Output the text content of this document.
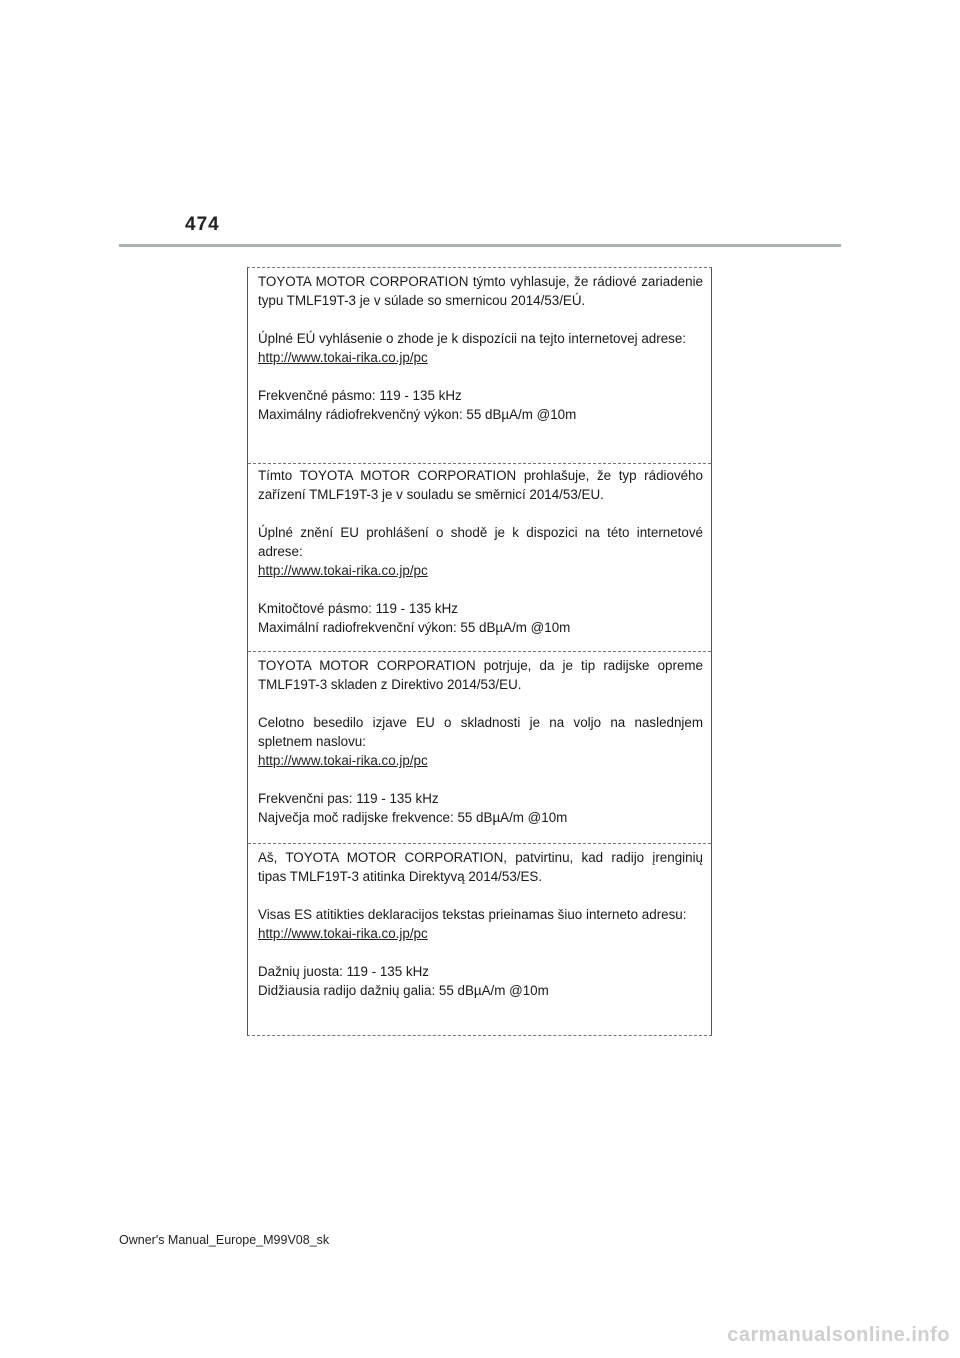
474

TOYOTA MOTOR CORPORATION týmto vyhlasuje, že rádiové zariadenie typu TMLF19T-3 je v súlade so smernicou 2014/53/EÚ.

Úplné EÚ vyhlásenie o zhode je k dispozícii na tejto internetovej adrese:

http://www.tokai-rika.co.jp/pc

Frekvenčné pásmo: 119 - 135 kHz

Maximálny rádiofrekvenčný výkon: 55 dBµA/m @10m

Tímto TOYOTA MOTOR CORPORATION prohlašuje, že typ rádiového zařízení TMLF19T-3 je v souladu se směrnicí 2014/53/EU.

Úplné znění EU prohlášení o shodě je k dispozici na této internetové adrese:

http://www.tokai-rika.co.jp/pc

Kmitočtové pásmo: 119 - 135 kHz

Maximální radiofrekvenční výkon: 55 dBµA/m @10m

TOYOTA MOTOR CORPORATION potrjuje, da je tip radijske opreme TMLF19T-3 skladen z Direktivo 2014/53/EU.

Celotno besedilo izjave EU o skladnosti je na voljo na naslednjem spletnem naslovu:

http://www.tokai-rika.co.jp/pc

Frekvenčni pas: 119 - 135 kHz

Največja moč radijske frekvence: 55 dBµA/m @10m

Aš, TOYOTA MOTOR CORPORATION, patvirtinu, kad radijo įrenginių tipas TMLF19T-3 atitinka Direktyvą 2014/53/ES.

Visas ES atitikties deklaracijos tekstas prieinamas šiuo interneto adresu:

http://www.tokai-rika.co.jp/pc

Dažnių juosta: 119 - 135 kHz

Didžiausia radijo dažnių galia: 55 dBµA/m @10m

Owner's Manual_Europe_M99V08_sk
carmanualsonline.info
